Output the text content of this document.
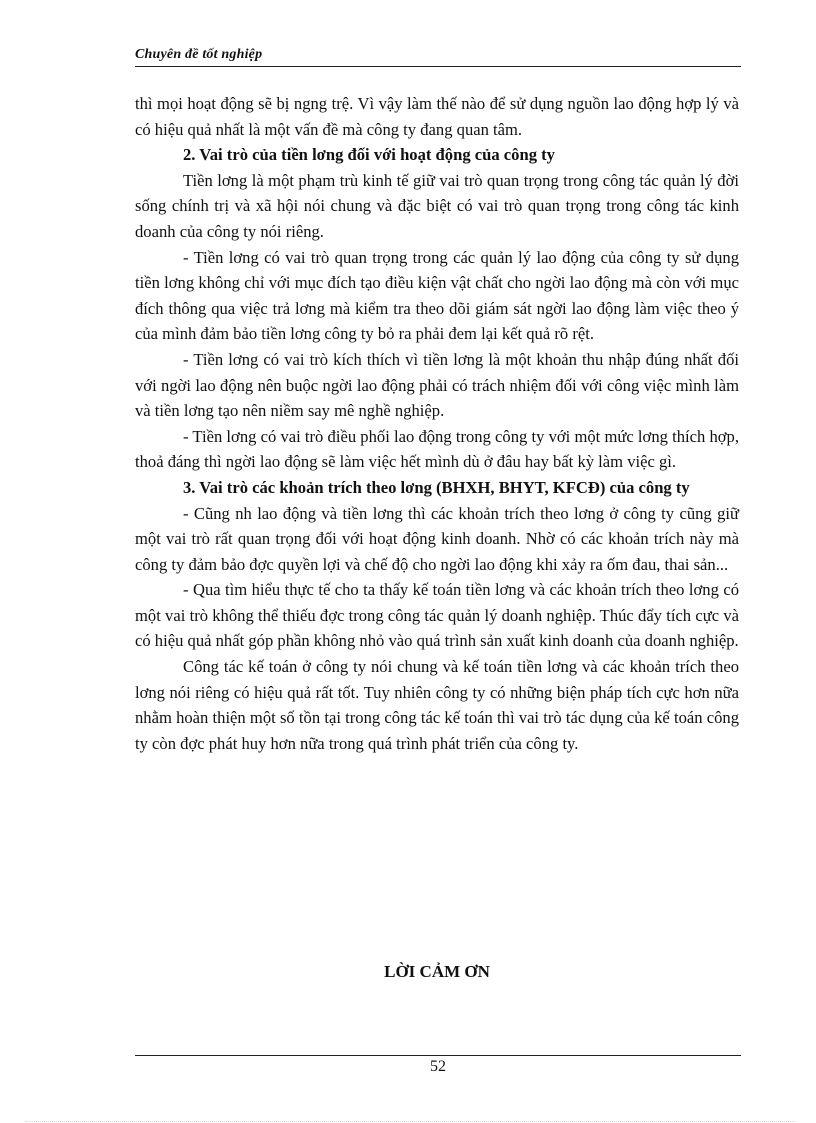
Chuyên đề tốt nghiệp

thì mọi hoạt động sẽ bị ngng trệ. Vì vậy làm thế nào để sử dụng nguồn lao động hợp lý và có hiệu quả nhất là một vấn đề mà công ty đang quan tâm.

2. Vai trò của tiền lơng đối với hoạt động của công ty

Tiền lơng là một phạm trù kinh tế giữ vai trò quan trọng trong công tác quản lý đời sống chính trị và xã hội nói chung và đặc biệt có vai trò quan trọng trong công tác kinh doanh của công ty nói riêng.

- Tiền lơng có vai trò quan trọng trong các quản lý lao động của công ty sử dụng tiền lơng không chỉ với mục đích tạo điều kiện vật chất cho ngời lao động mà còn với mục đích thông qua việc trả lơng mà kiểm tra theo dõi giám sát ngời lao động làm việc theo ý của mình đảm bảo tiền lơng công ty bỏ ra phải đem lại kết quả rõ rệt.

- Tiền lơng có vai trò kích thích vì tiền lơng là một khoản thu nhập đúng nhất đối với ngời lao động nên buộc ngời lao động phải có trách nhiệm đối với công việc mình làm và tiền lơng tạo nên niềm say mê nghề nghiệp.

- Tiền lơng có vai trò điều phối lao động trong công ty với một mức lơng thích hợp, thoả đáng thì ngời lao động sẽ làm việc hết mình dù ở đâu hay bất kỳ làm việc gì.

3. Vai trò các khoản trích theo lơng (BHXH, BHYT, KFCĐ) của công ty

- Cũng nh lao động và tiền lơng thì các khoản trích theo lơng ở công ty cũng giữ một vai trò rất quan trọng đối với hoạt động kinh doanh. Nhờ có các khoản trích này mà công ty đảm bảo đợc quyền lợi và chế độ cho ngời lao động khi xảy ra ốm đau, thai sản...

- Qua tìm hiểu thực tế cho ta thấy kế toán tiền lơng và các khoản trích theo lơng có một vai trò không thể thiếu đợc trong công tác quản lý doanh nghiệp. Thúc đẩy tích cực và có hiệu quả nhất góp phần không nhỏ vào quá trình sản xuất kinh doanh của doanh nghiệp.

Công tác kế toán ở công ty nói chung và kế toán tiền lơng và các khoản trích theo lơng nói riêng có hiệu quả rất tốt. Tuy nhiên công ty có những biện pháp tích cực hơn nữa nhằm hoàn thiện một số tồn tại trong công tác kế toán thì vai trò tác dụng của kế toán công ty còn đợc phát huy hơn nữa trong quá trình phát triển của công ty.

LỜI CẢM ƠN
52
